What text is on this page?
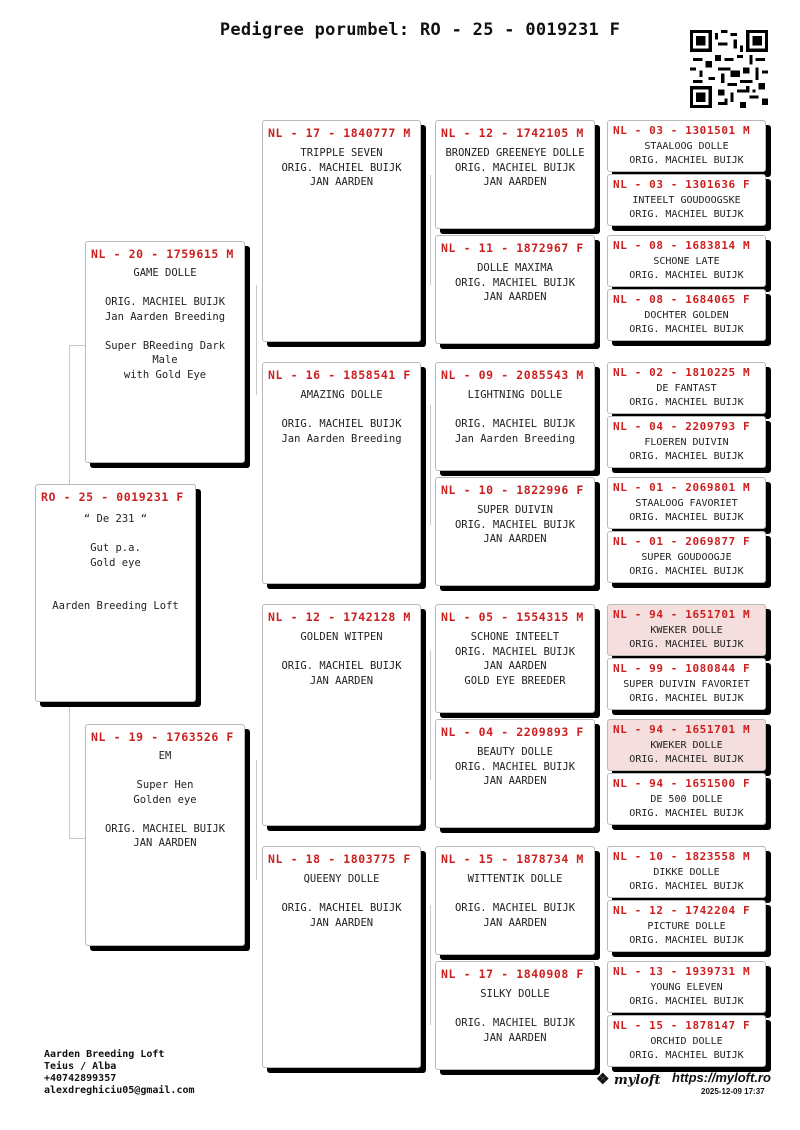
Pedigree porumbel: RO - 25 - 0019231 F
RO - 25 - 0019231 F
“ De 231 “

Gut p.a.
Gold eye

Aarden Breeding Loft
NL - 20 - 1759615 M
GAME DOLLE

ORIG. MACHIEL BUIJK
Jan Aarden Breeding

Super BReeding Dark Male
with Gold Eye
NL - 19 - 1763526 F
EM

Super Hen
Golden eye

ORIG. MACHIEL BUIJK
JAN AARDEN
NL - 17 - 1840777 M
TRIPPLE SEVEN
ORIG. MACHIEL BUIJK
JAN AARDEN
NL - 16 - 1858541 F
AMAZING DOLLE

ORIG. MACHIEL BUIJK
Jan Aarden Breeding
NL - 12 - 1742128 M
GOLDEN WITPEN

ORIG. MACHIEL BUIJK
JAN AARDEN
NL - 18 - 1803775 F
QUEENY DOLLE

ORIG. MACHIEL BUIJK
JAN AARDEN
NL - 12 - 1742105 M
BRONZED GREENEYE DOLLE
ORIG. MACHIEL BUIJK
JAN AARDEN
NL - 11 - 1872967 F
DOLLE MAXIMA
ORIG. MACHIEL BUIJK
JAN AARDEN
NL - 09 - 2085543 M
LIGHTNING DOLLE

ORIG. MACHIEL BUIJK
Jan Aarden Breeding
NL - 10 - 1822996 F
SUPER DUIVIN
ORIG. MACHIEL BUIJK
JAN AARDEN
NL - 05 - 1554315 M
SCHONE INTEELT
ORIG. MACHIEL BUIJK
JAN AARDEN
GOLD EYE BREEDER
NL - 04 - 2209893 F
BEAUTY DOLLE
ORIG. MACHIEL BUIJK
JAN AARDEN
NL - 15 - 1878734 M
WITTENTIK DOLLE

ORIG. MACHIEL BUIJK
JAN AARDEN
NL - 17 - 1840908 F
SILKY DOLLE

ORIG. MACHIEL BUIJK
JAN AARDEN
NL - 03 - 1301501 M
STAALOOG DOLLE
ORIG. MACHIEL BUIJK
NL - 03 - 1301636 F
INTEELT GOUDOOGSKE
ORIG. MACHIEL BUIJK
NL - 08 - 1683814 M
SCHONE LATE
ORIG. MACHIEL BUIJK
NL - 08 - 1684065 F
DOCHTER GOLDEN
ORIG. MACHIEL BUIJK
NL - 02 - 1810225 M
DE FANTAST
ORIG. MACHIEL BUIJK
NL - 04 - 2209793 F
FLOEREN DUIVIN
ORIG. MACHIEL BUIJK
NL - 01 - 2069801 M
STAALOOG FAVORIET
ORIG. MACHIEL BUIJK
NL - 01 - 2069877 F
SUPER GOUDOOGJE
ORIG. MACHIEL BUIJK
NL - 94 - 1651701 M
KWEKER DOLLE
ORIG. MACHIEL BUIJK
NL - 99 - 1080844 F
SUPER DUIVIN FAVORIET
ORIG. MACHIEL BUIJK
NL - 94 - 1651701 M
KWEKER DOLLE
ORIG. MACHIEL BUIJK
NL - 94 - 1651500 F
DE 500 DOLLE
ORIG. MACHIEL BUIJK
NL - 10 - 1823558 M
DIKKE DOLLE
ORIG. MACHIEL BUIJK
NL - 12 - 1742204 F
PICTURE DOLLE
ORIG. MACHIEL BUIJK
NL - 13 - 1939731 M
YOUNG ELEVEN
ORIG. MACHIEL BUIJK
NL - 15 - 1878147 F
ORCHID DOLLE
ORIG. MACHIEL BUIJK
Aarden Breeding Loft
Teius / Alba
+40742899357
alexdreghiciu05@gmail.com
❖ myloft https://myloft.ro
2025-12-09 17:37
